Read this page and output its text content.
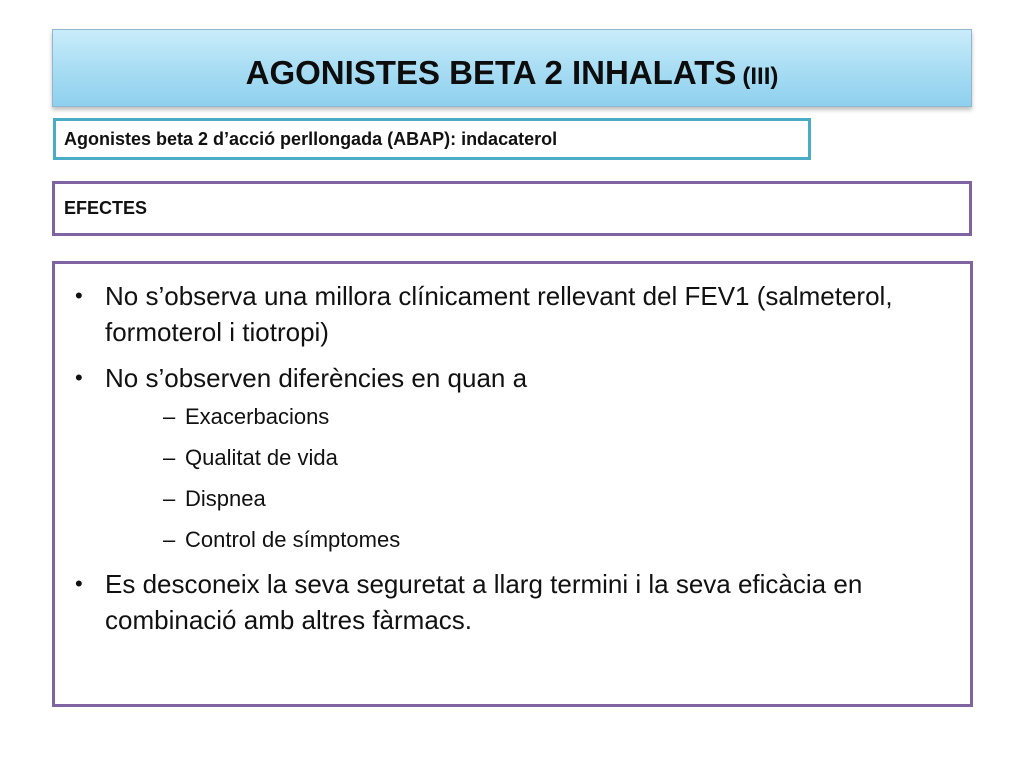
AGONISTES BETA 2 INHALATS (III)
Agonistes beta 2 d’acció perllongada (ABAP): indacaterol
EFECTES
• No s’observa una millora clínicament rellevant del FEV1 (salmeterol, formoterol i tiotropi)
• No s’observen diferències en quan a
– Exacerbacions
– Qualitat de vida
– Dispnea
– Control de símptomes
• Es desconeix la seva seguretat a llarg termini i la seva eficàcia en combinació amb altres fàrmacs.
